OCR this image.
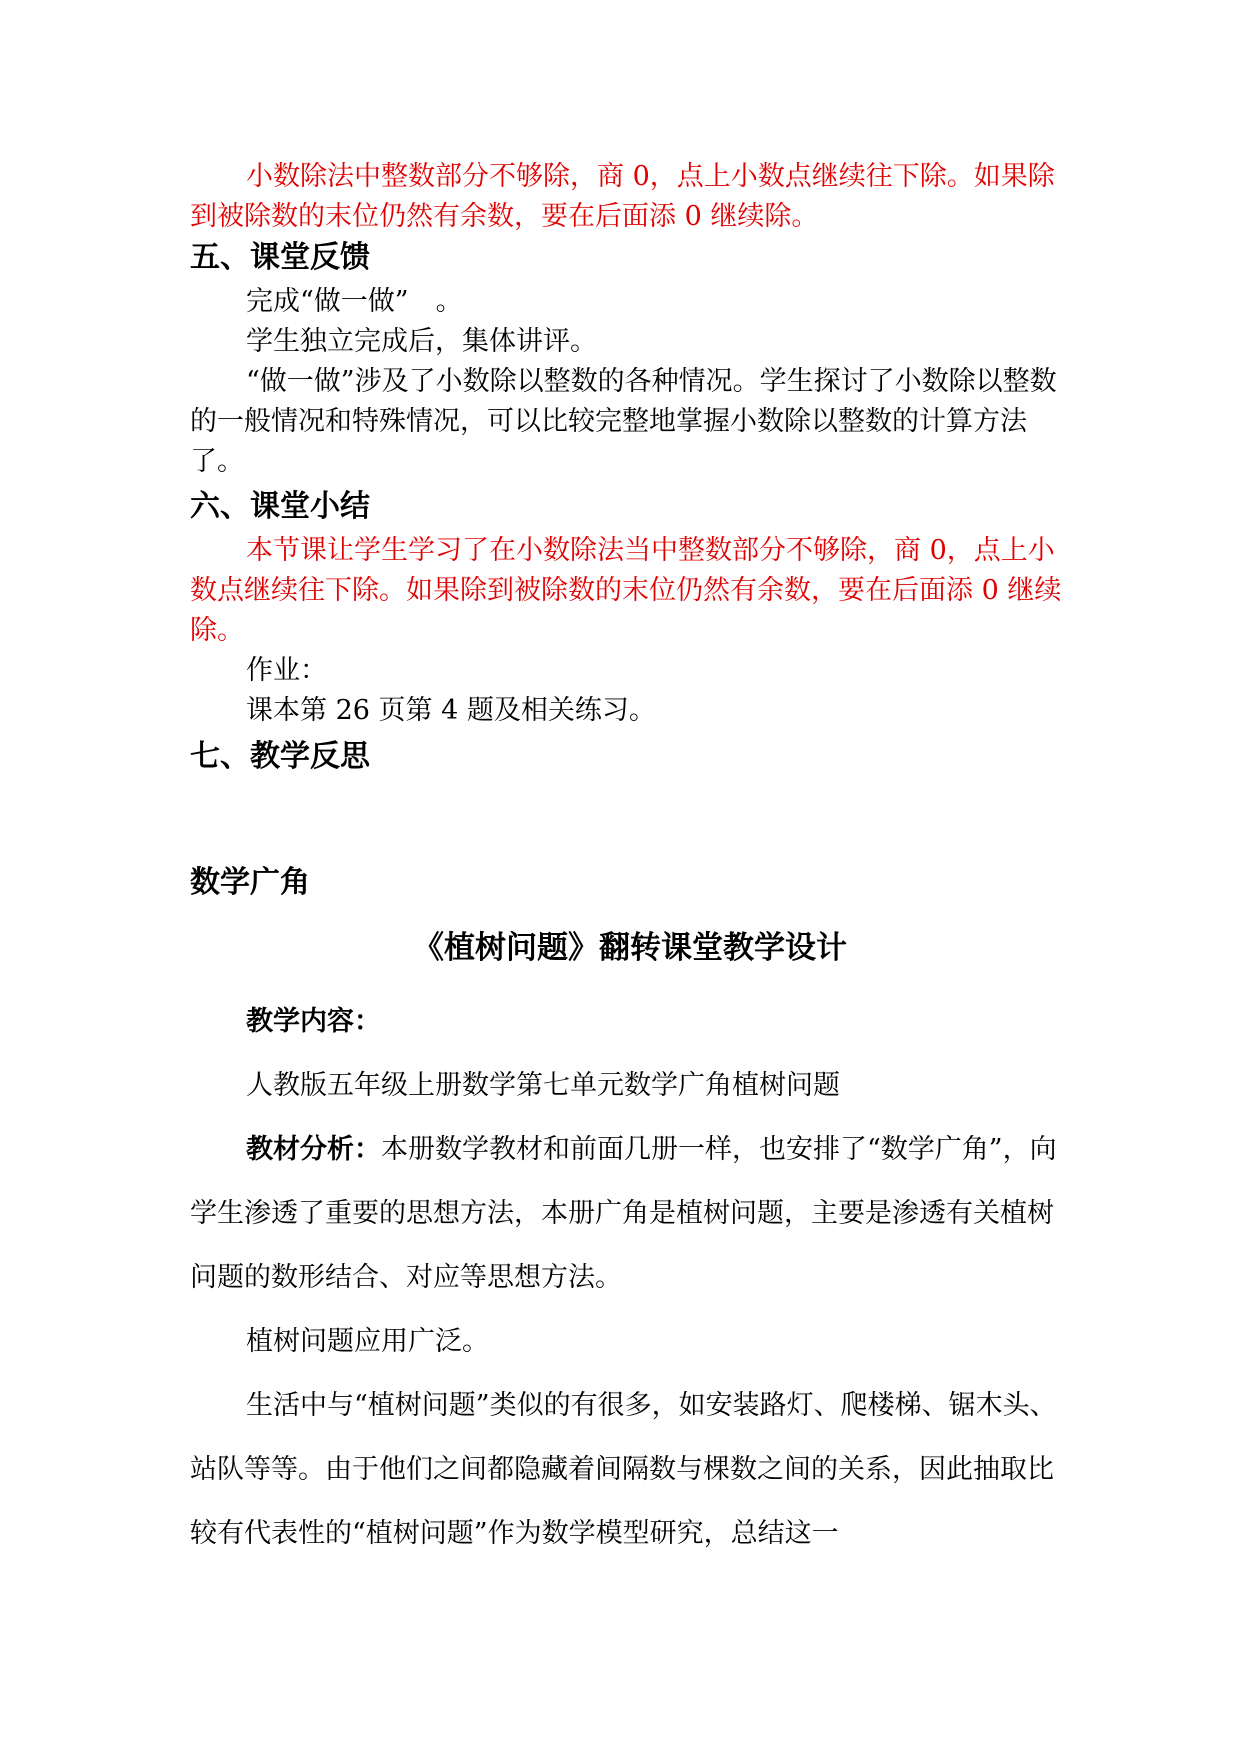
小数除法中整数部分不够除，商 0，点上小数点继续往下除。如果除到被除数的末位仍然有余数，要在后面添 0 继续除。

五、课堂反馈

完成“做一做”　。

学生独立完成后，集体讲评。

“做一做”涉及了小数除以整数的各种情况。学生探讨了小数除以整数的一般情况和特殊情况，可以比较完整地掌握小数除以整数的计算方法了。

六、课堂小结

本节课让学生学习了在小数除法当中整数部分不够除，商 0，点上小数点继续往下除。如果除到被除数的末位仍然有余数，要在后面添 0 继续除。

作业：

课本第 26 页第 4 题及相关练习。

七、教学反思

数学广角

《植树问题》翻转课堂教学设计

教学内容：

人教版五年级上册数学第七单元数学广角植树问题

教材分析：本册数学教材和前面几册一样，也安排了“数学广角”，向学生渗透了重要的思想方法，本册广角是植树问题，主要是渗透有关植树问题的数形结合、对应等思想方法。

植树问题应用广泛。

生活中与“植树问题”类似的有很多，如安装路灯、爬楼梯、锯木头、站队等等。由于他们之间都隐藏着间隔数与棵数之间的关系，因此抽取比较有代表性的“植树问题”作为数学模型研究，总结这一
